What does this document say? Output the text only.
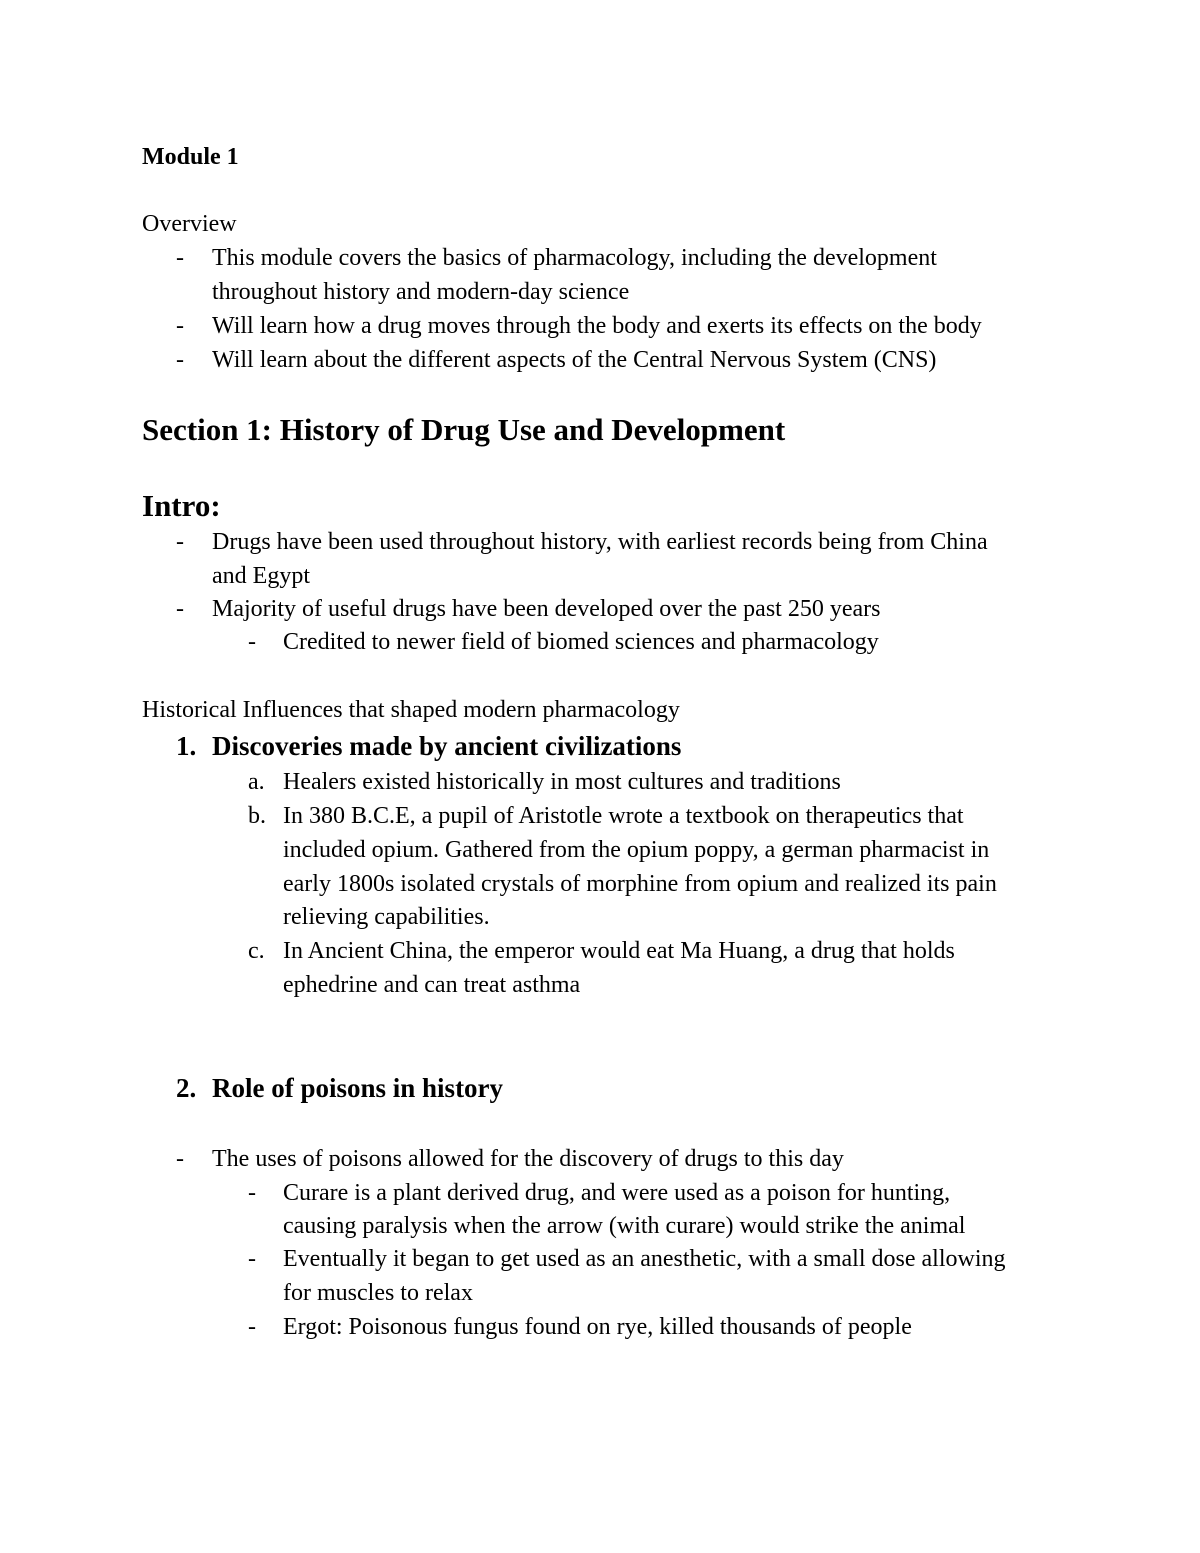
Module 1
Overview
- This module covers the basics of pharmacology, including the development
throughout history and modern-day science
- Will learn how a drug moves through the body and exerts its effects on the body
- Will learn about the different aspects of the Central Nervous System (CNS)
Section 1: History of Drug Use and Development
Intro:
- Drugs have been used throughout history, with earliest records being from China
and Egypt
- Majority of useful drugs have been developed over the past 250 years
- Credited to newer field of biomed sciences and pharmacology
Historical Influences that shaped modern pharmacology
1. Discoveries made by ancient civilizations
a. Healers existed historically in most cultures and traditions
b. In 380 B.C.E, a pupil of Aristotle wrote a textbook on therapeutics that
included opium. Gathered from the opium poppy, a german pharmacist in
early 1800s isolated crystals of morphine from opium and realized its pain
relieving capabilities.
c. In Ancient China, the emperor would eat Ma Huang, a drug that holds
ephedrine and can treat asthma
2. Role of poisons in history
- The uses of poisons allowed for the discovery of drugs to this day
- Curare is a plant derived drug, and were used as a poison for hunting,
causing paralysis when the arrow (with curare) would strike the animal
- Eventually it began to get used as an anesthetic, with a small dose allowing
for muscles to relax
- Ergot: Poisonous fungus found on rye, killed thousands of people
